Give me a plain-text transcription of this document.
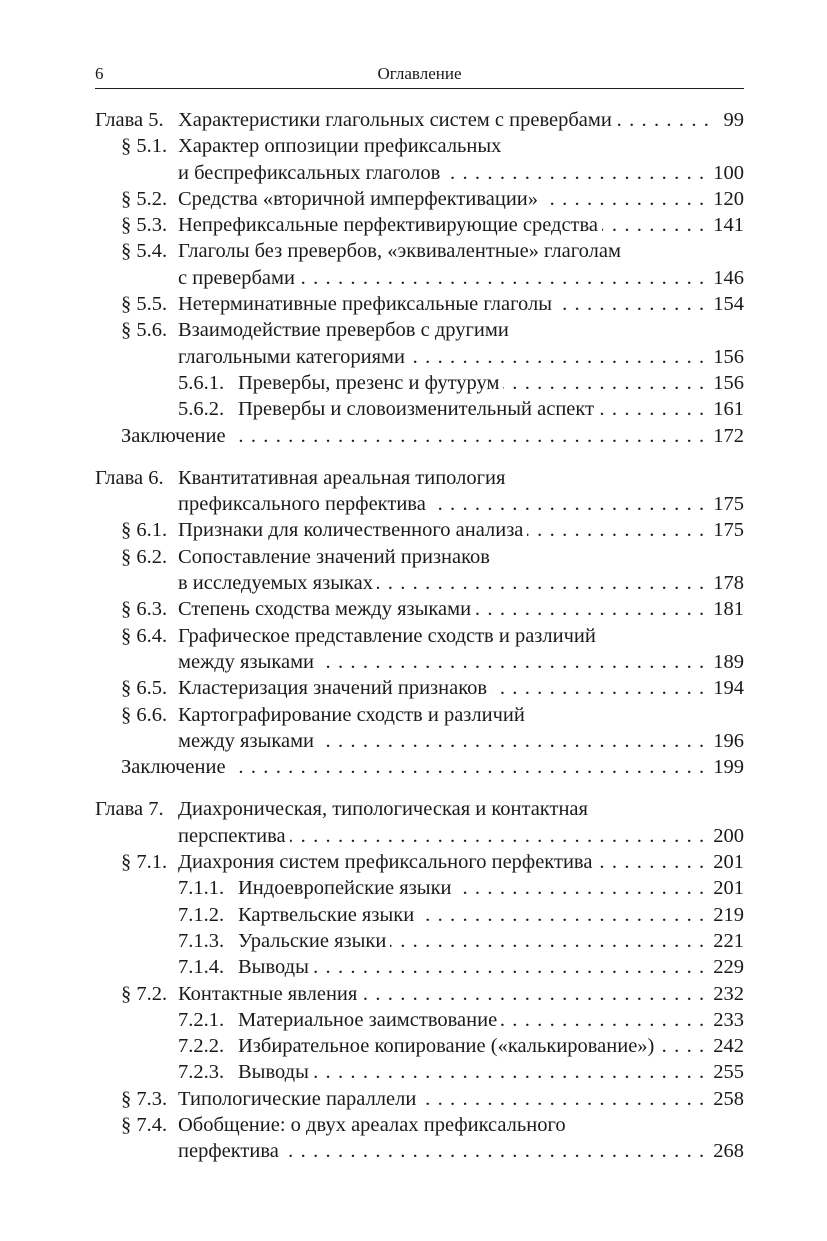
6	Оглавление
Глава 5. Характеристики глагольных систем с превербами . . .	99
§ 5.1. Характер оппозиции префиксальных
и беспрефиксальных глаголов . . .	100
§ 5.2. Средства «вторичной имперфективации» . . .	120
§ 5.3. Непрефиксальные перфективирующие средства . . .	141
§ 5.4. Глаголы без превербов, «эквивалентные» глаголам
с превербами . . .	146
§ 5.5. Нетерминативные префиксальные глаголы . . .	154
§ 5.6. Взаимодействие превербов с другими
глагольными категориями . . .	156
5.6.1. Превербы, презенс и футурум . . .	156
5.6.2. Превербы и словоизменительный аспект . . .	161
Заключение . . .	172
Глава 6. Квантитативная ареальная типология
префиксального перфектива . . .	175
§ 6.1. Признаки для количественного анализа . . .	175
§ 6.2. Сопоставление значений признаков
в исследуемых языках . . .	178
§ 6.3. Степень сходства между языками . . .	181
§ 6.4. Графическое представление сходств и различий
между языками . . .	189
§ 6.5. Кластеризация значений признаков . . .	194
§ 6.6. Картографирование сходств и различий
между языками . . .	196
Заключение . . .	199
Глава 7. Диахроническая, типологическая и контактная
перспектива . . .	200
§ 7.1. Диахрония систем префиксального перфектива . . .	201
7.1.1. Индоевропейские языки . . .	201
7.1.2. Картвельские языки . . .	219
7.1.3. Уральские языки . . .	221
7.1.4. Выводы . . .	229
§ 7.2. Контактные явления . . .	232
7.2.1. Материальное заимствование . . .	233
7.2.2. Избирательное копирование («калькирование») . . .	242
7.2.3. Выводы . . .	255
§ 7.3. Типологические параллели . . .	258
§ 7.4. Обобщение: о двух ареалах префиксального
перфектива . . .	268
